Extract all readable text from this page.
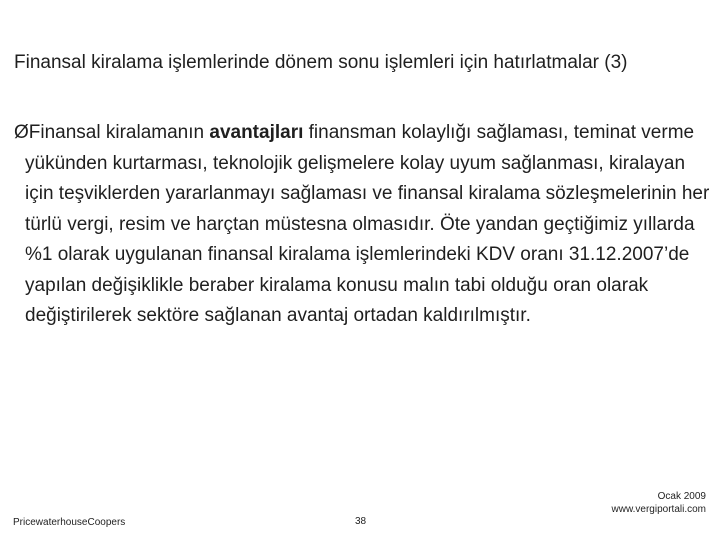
Finansal kiralama işlemlerinde dönem sonu işlemleri için hatırlatmalar (3)

ØFinansal kiralamanın avantajları finansman kolaylığı sağlaması, teminat verme yükünden kurtarması, teknolojik gelişmelere kolay uyum sağlanması, kiralayan için teşviklerden yararlanmayı sağlaması ve finansal kiralama sözleşmelerinin her türlü vergi, resim ve harçtan müstesna olmasıdır. Öte yandan geçtiğimiz yıllarda %1 olarak uygulanan finansal kiralama işlemlerindeki KDV oranı 31.12.2007’de yapılan değişiklikle beraber kiralama konusu malın tabi olduğu oran olarak değiştirilerek sektöre sağlanan avantaj ortadan kaldırılmıştır.

PricewaterhouseCoopers	38
Ocak 2009
www.vergiportali.com
